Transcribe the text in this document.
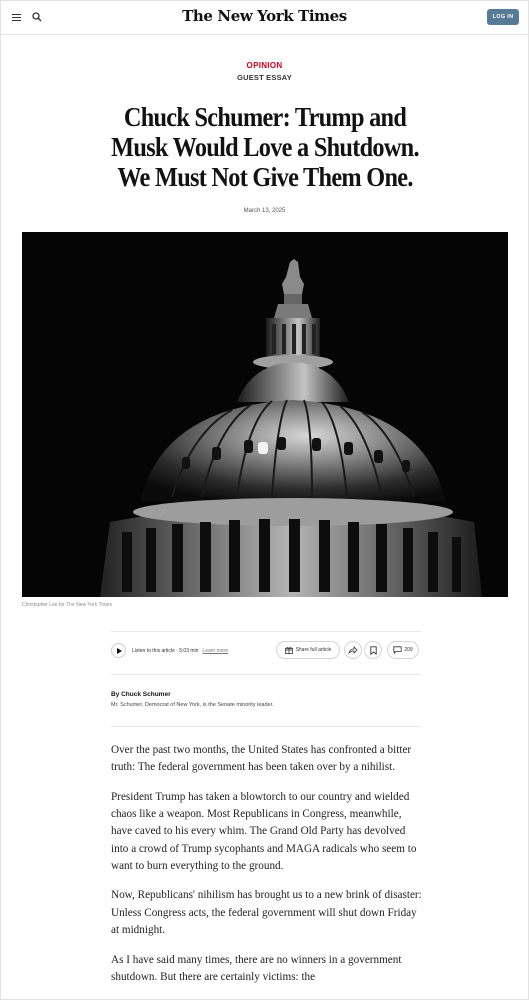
The New York Times	LOG IN
OPINION
GUEST ESSAY
Chuck Schumer: Trump and Musk Would Love a Shutdown. We Must Not Give Them One.
March 13, 2025
Christopher Lee for The New York Times
Listen to this article · 5:03 min Learn more	Share full article	209
By Chuck Schumer
Mr. Schumer, Democrat of New York, is the Senate minority leader.

Over the past two months, the United States has confronted a bitter truth: The federal government has been taken over by a nihilist.

President Trump has taken a blowtorch to our country and wielded chaos like a weapon. Most Republicans in Congress, meanwhile, have caved to his every whim. The Grand Old Party has devolved into a crowd of Trump sycophants and MAGA radicals who seem to want to burn everything to the ground.

Now, Republicans' nihilism has brought us to a new brink of disaster: Unless Congress acts, the federal government will shut down Friday at midnight.

As I have said many times, there are no winners in a government shutdown. But there are certainly victims: the
